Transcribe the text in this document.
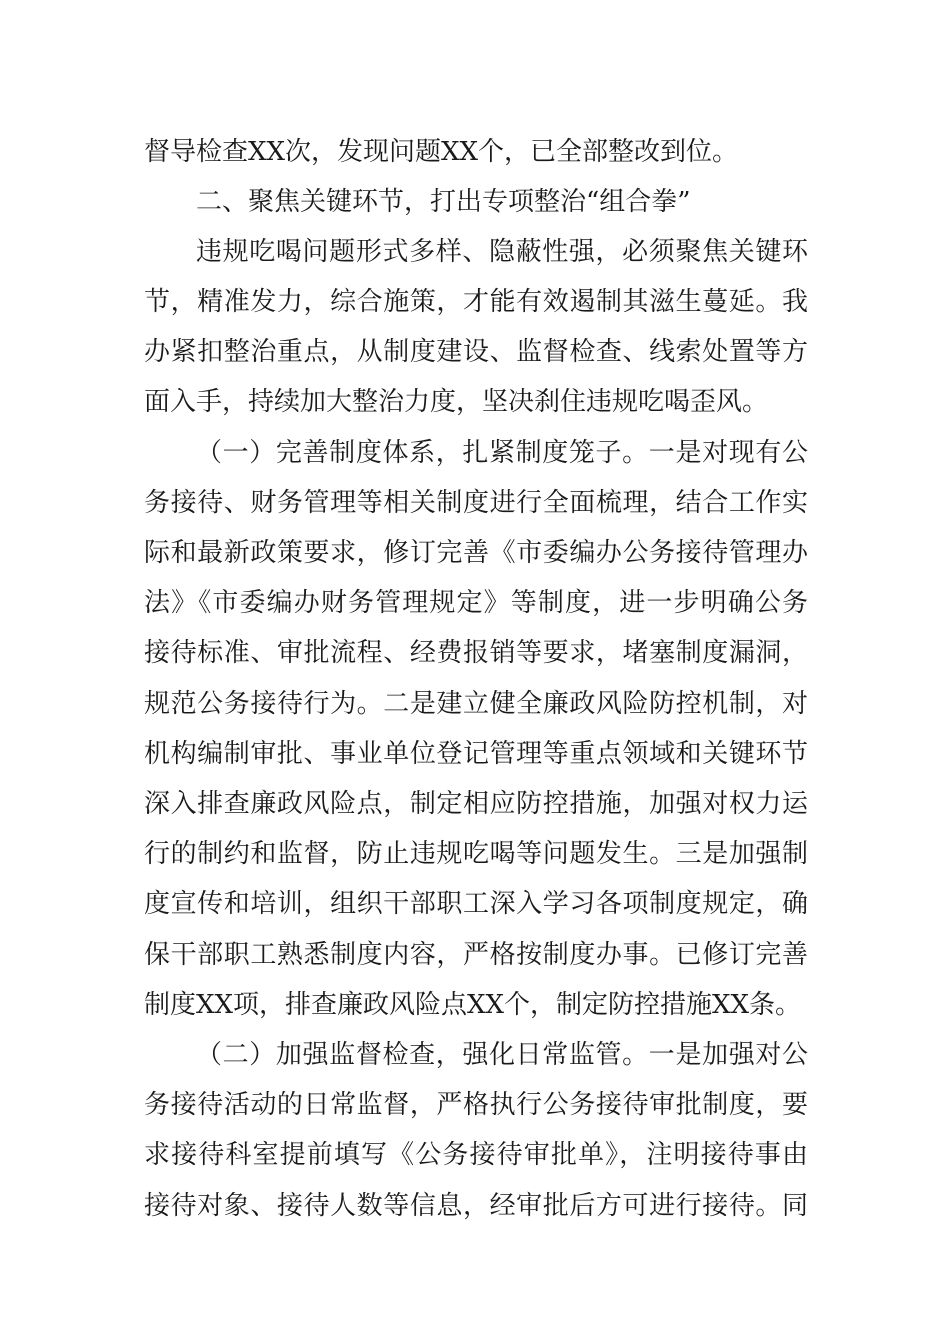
督导检查XX次，发现问题XX个，已全部整改到位。
二、聚焦关键环节，打出专项整治“组合拳”
违规吃喝问题形式多样、隐蔽性强，必须聚焦关键环
节，精准发力，综合施策，才能有效遏制其滋生蔓延。我
办紧扣整治重点，从制度建设、监督检查、线索处置等方
面入手，持续加大整治力度，坚决刹住违规吃喝歪风。
（一）完善制度体系，扎紧制度笼子。一是对现有公
务接待、财务管理等相关制度进行全面梳理，结合工作实
际和最新政策要求，修订完善《市委编办公务接待管理办
法》《市委编办财务管理规定》等制度，进一步明确公务
接待标准、审批流程、经费报销等要求，堵塞制度漏洞，
规范公务接待行为。二是建立健全廉政风险防控机制，对
机构编制审批、事业单位登记管理等重点领域和关键环节
深入排查廉政风险点，制定相应防控措施，加强对权力运
行的制约和监督，防止违规吃喝等问题发生。三是加强制
度宣传和培训，组织干部职工深入学习各项制度规定，确
保干部职工熟悉制度内容，严格按制度办事。已修订完善
制度XX项，排查廉政风险点XX个，制定防控措施XX条。
（二）加强监督检查，强化日常监管。一是加强对公
务接待活动的日常监督，严格执行公务接待审批制度，要
求接待科室提前填写《公务接待审批单》，注明接待事由
接待对象、接待人数等信息，经审批后方可进行接待。同
